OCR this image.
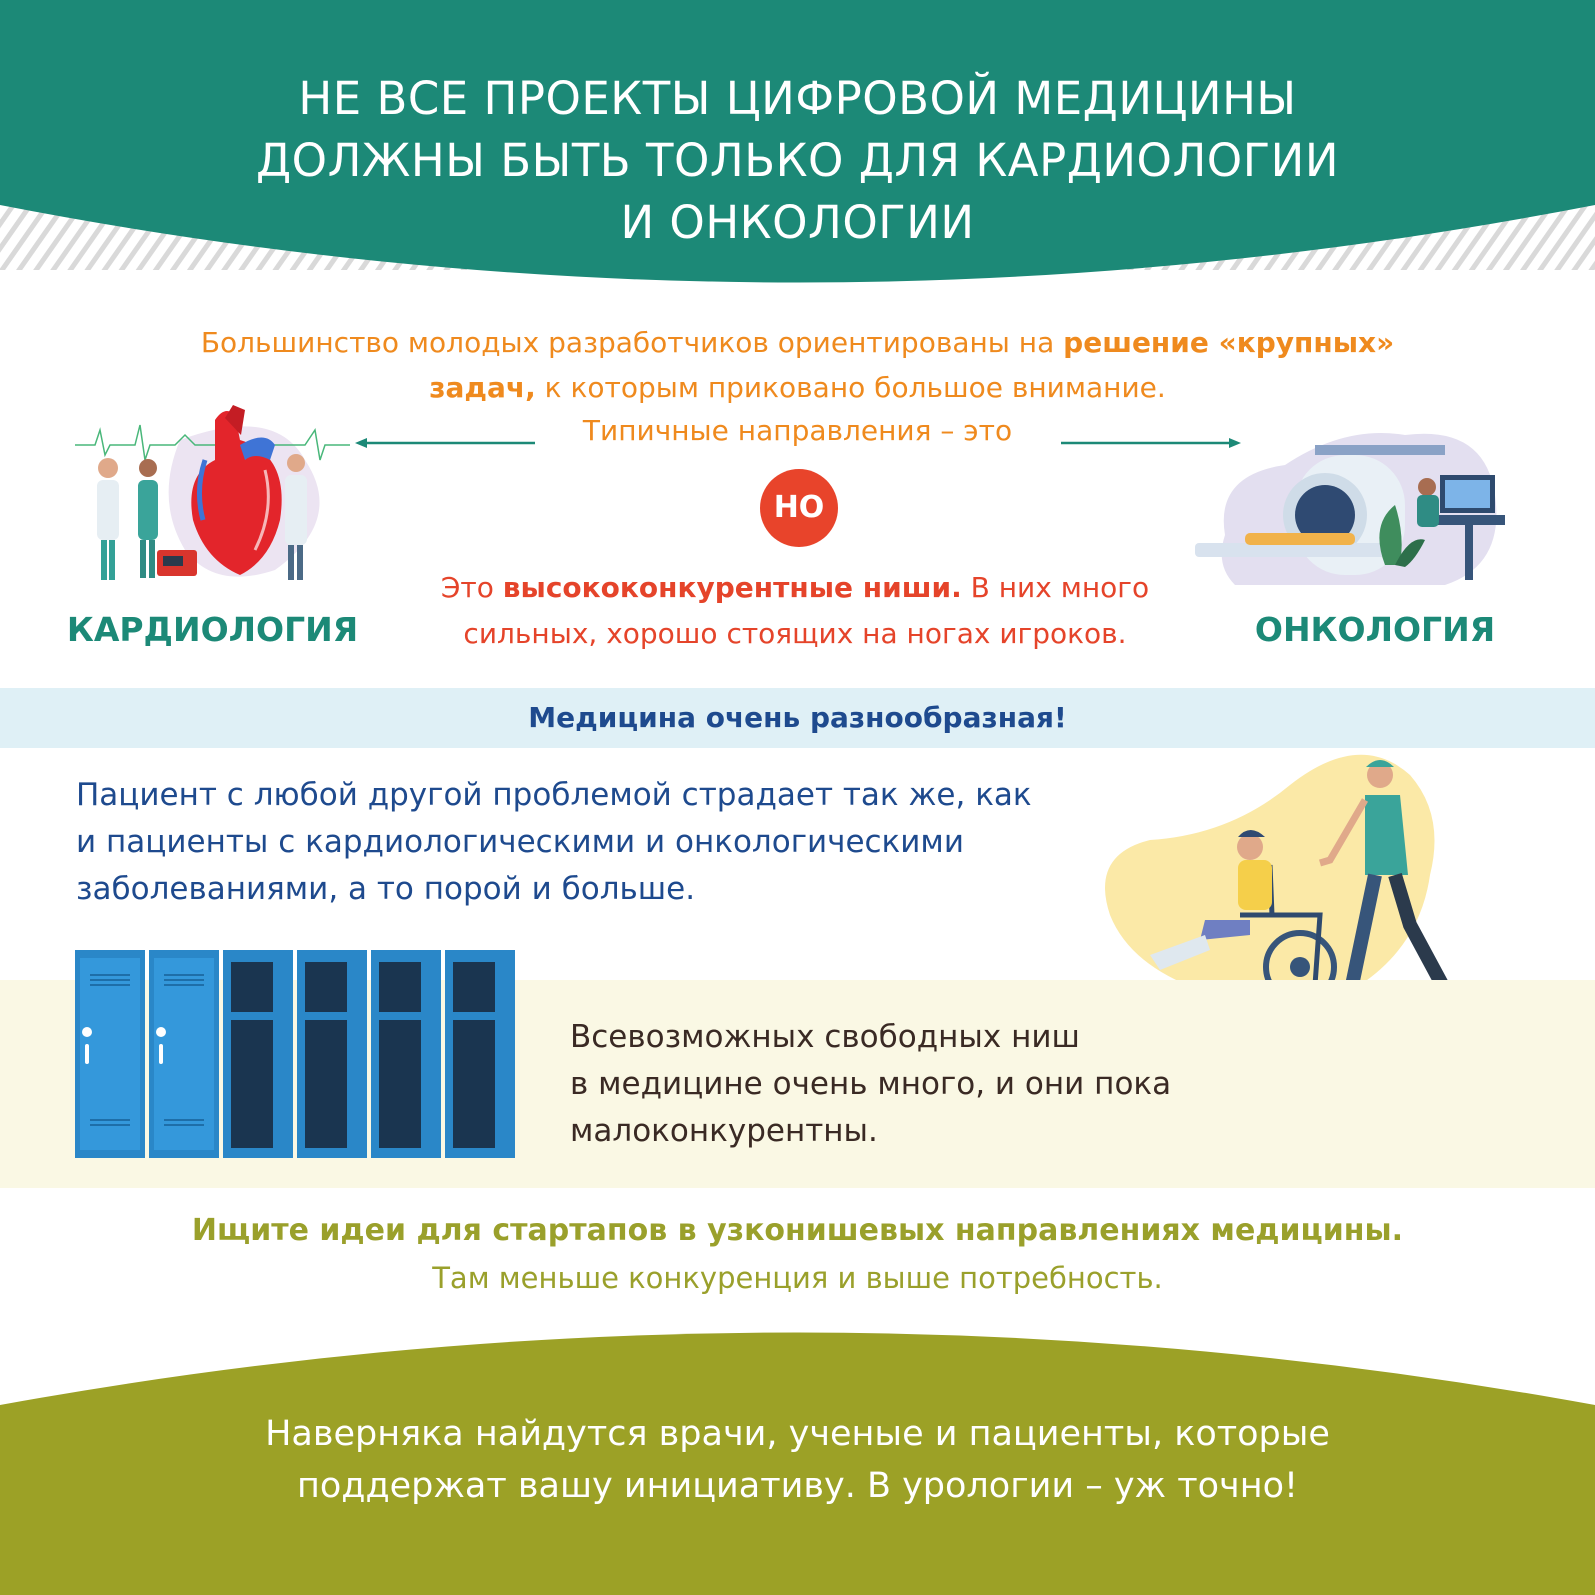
НЕ ВСЕ ПРОЕКТЫ ЦИФРОВОЙ МЕДИЦИНЫ
ДОЛЖНЫ БЫТЬ ТОЛЬКО ДЛЯ КАРДИОЛОГИИ
И ОНКОЛОГИИ
Большинство молодых разработчиков ориентированы на решение «крупных»
задач, к которым приковано большое внимание.
Типичные направления – это
НО
Это высококонкурентные ниши. В них много
сильных, хорошо стоящих на ногах игроков.
КАРДИОЛОГИЯ	ОНКОЛОГИЯ
Медицина очень разнообразная!
Пациент с любой другой проблемой страдает так же, как
и пациенты с кардиологическими и онкологическими
заболеваниями, а то порой и больше.
Всевозможных свободных ниш
в медицине очень много, и они пока
малоконкурентны.
Ищите идеи для стартапов в узконишевых направлениях медицины.
Там меньше конкуренция и выше потребность.
Наверняка найдутся врачи, ученые и пациенты, которые
поддержат вашу инициативу. В урологии – уж точно!
